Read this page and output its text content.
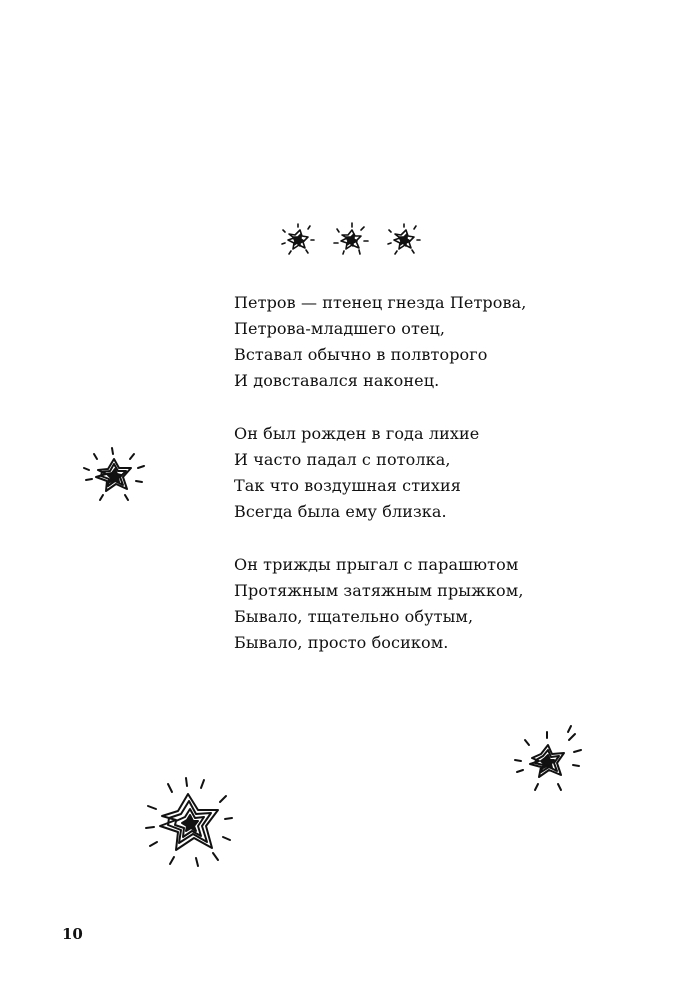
Петров — птенец гнезда Петрова,
Петрова-младшего отец,
Вставал обычно в полвторого
И довставался наконец.
Он был рожден в года лихие
И часто падал с потолка,
Так что воздушная стихия
Всегда была ему близка.
Он трижды прыгал с парашютом
Протяжным затяжным прыжком,
Бывало, тщательно обутым,
Бывало, просто босиком.
10
